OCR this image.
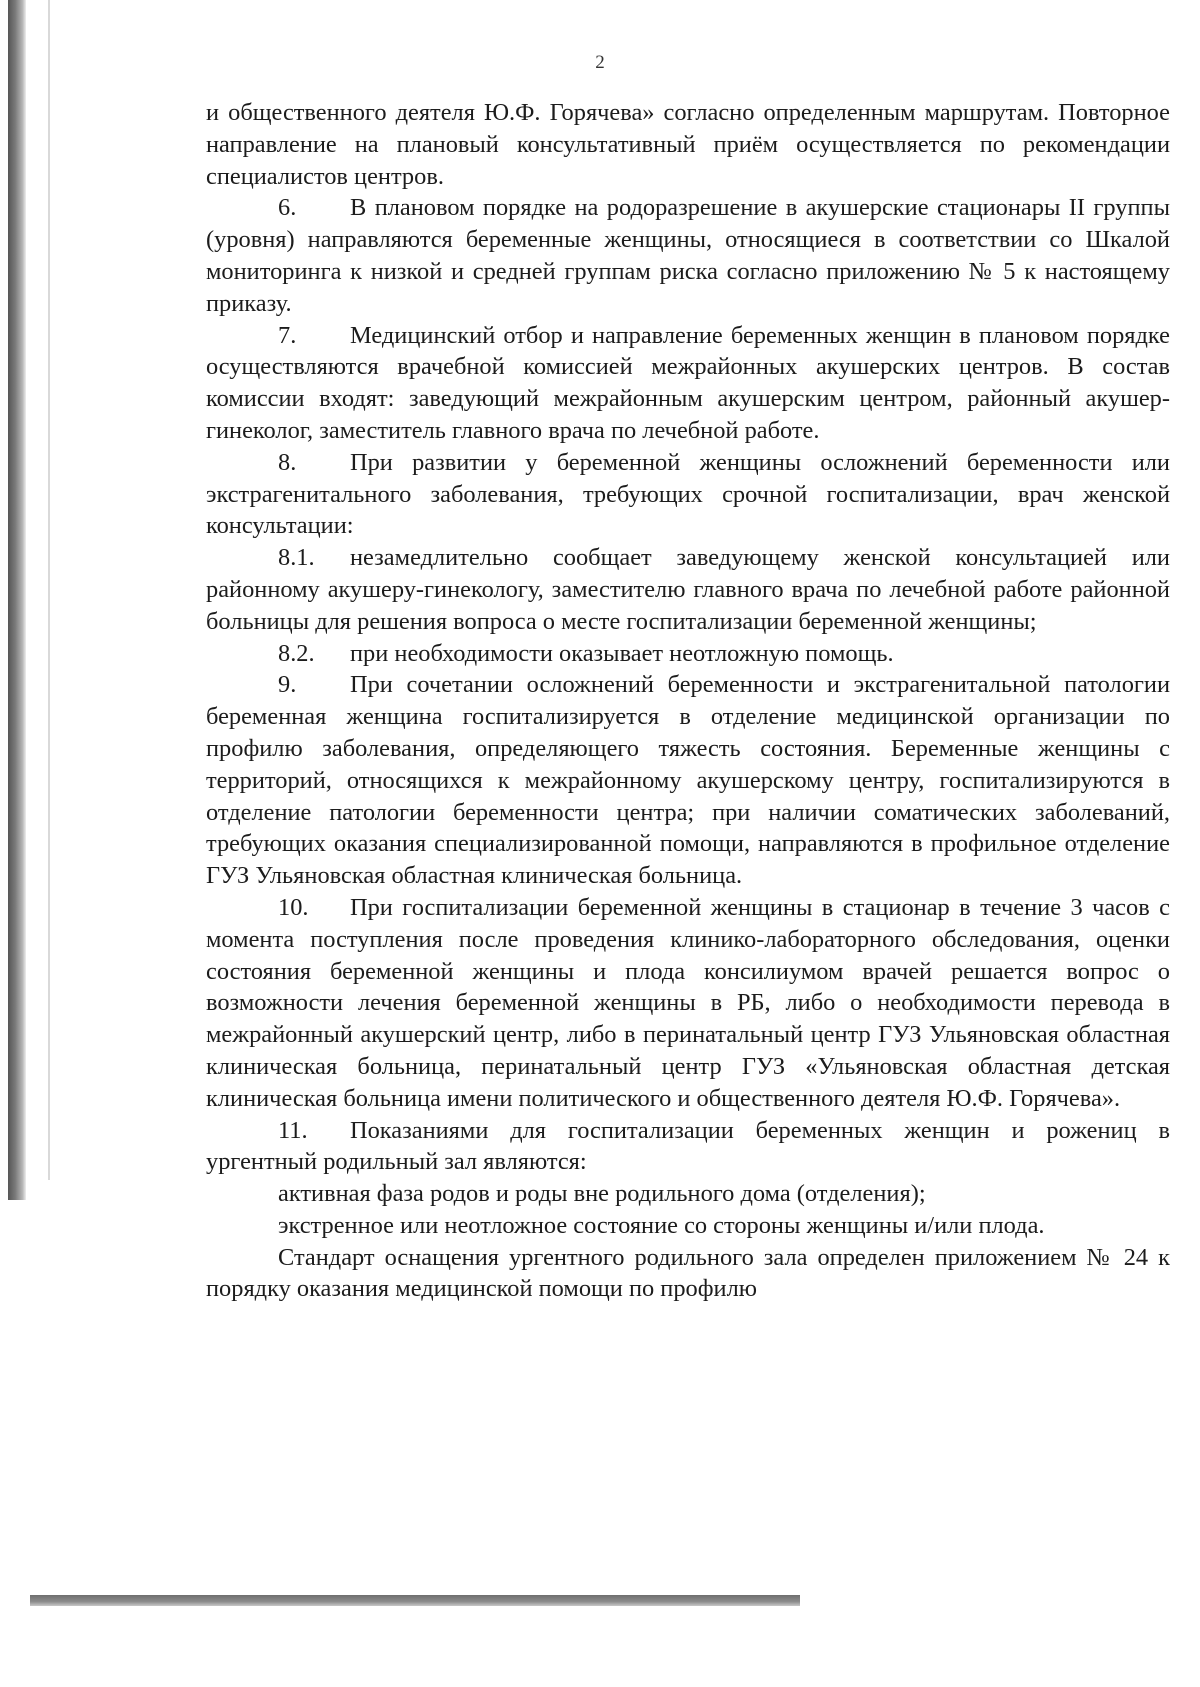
2

и общественного деятеля Ю.Ф. Горячева» согласно определенным маршрутам. Повторное направление на плановый консультативный приём осуществляется по рекомендации специалистов центров.

6. В плановом порядке на родоразрешение в акушерские стационары II группы (уровня) направляются беременные женщины, относящиеся в соответствии со Шкалой мониторинга к низкой и средней группам риска согласно приложению № 5 к настоящему приказу.

7. Медицинский отбор и направление беременных женщин в плановом порядке осуществляются врачебной комиссией межрайонных акушерских центров. В состав комиссии входят: заведующий межрайонным акушерским центром, районный акушер-гинеколог, заместитель главного врача по лечебной работе.

8. При развитии у беременной женщины осложнений беременности или экстрагенитального заболевания, требующих срочной госпитализации, врач женской консультации:

8.1. незамедлительно сообщает заведующему женской консультацией или районному акушеру-гинекологу, заместителю главного врача по лечебной работе районной больницы для решения вопроса о месте госпитализации беременной женщины;

8.2. при необходимости оказывает неотложную помощь.

9. При сочетании осложнений беременности и экстрагенитальной патологии беременная женщина госпитализируется в отделение медицинской организации по профилю заболевания, определяющего тяжесть состояния. Беременные женщины с территорий, относящихся к межрайонному акушерскому центру, госпитализируются в отделение патологии беременности центра; при наличии соматических заболеваний, требующих оказания специализированной помощи, направляются в профильное отделение ГУЗ Ульяновская областная клиническая больница.

10. При госпитализации беременной женщины в стационар в течение 3 часов с момента поступления после проведения клинико-лабораторного обследования, оценки состояния беременной женщины и плода консилиумом врачей решается вопрос о возможности лечения беременной женщины в РБ, либо о необходимости перевода в межрайонный акушерский центр, либо в перинатальный центр ГУЗ Ульяновская областная клиническая больница, перинатальный центр ГУЗ «Ульяновская областная детская клиническая больница имени политического и общественного деятеля Ю.Ф. Горячева».

11. Показаниями для госпитализации беременных женщин и рожениц в ургентный родильный зал являются:

активная фаза родов и роды вне родильного дома (отделения);

экстренное или неотложное состояние со стороны женщины и/или плода.

Стандарт оснащения ургентного родильного зала определен приложением № 24 к порядку оказания медицинской помощи по профилю
